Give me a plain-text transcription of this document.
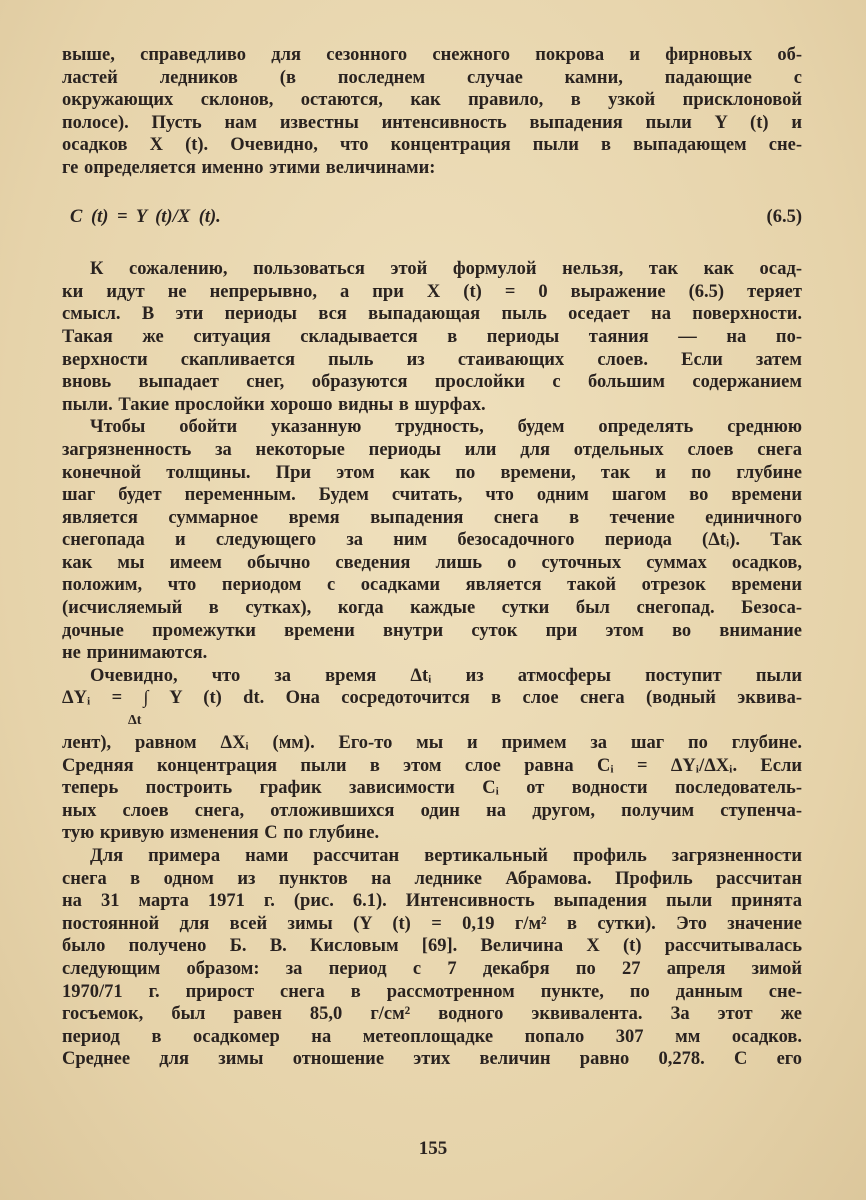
выше, справедливо для сезонного снежного покрова и фирновых об-
ластей ледников (в последнем случае камни, падающие с
окружающих склонов, остаются, как правило, в узкой присклоновой
полосе). Пусть нам известны интенсивность выпадения пыли Y (t) и
осадков X (t). Очевидно, что концентрация пыли в выпадающем сне-
ге определяется именно этими величинами:
C (t) = Y (t)/X (t).	(6.5)
К сожалению, пользоваться этой формулой нельзя, так как осад-
ки идут не непрерывно, а при X (t) = 0 выражение (6.5) теряет
смысл. В эти периоды вся выпадающая пыль оседает на поверхности.
Такая же ситуация складывается в периоды таяния — на по-
верхности скапливается пыль из стаивающих слоев. Если затем
вновь выпадает снег, образуются прослойки с большим содержанием
пыли. Такие прослойки хорошо видны в шурфах.
Чтобы обойти указанную трудность, будем определять среднюю
загрязненность за некоторые периоды или для отдельных слоев снега
конечной толщины. При этом как по времени, так и по глубине
шаг будет переменным. Будем считать, что одним шагом во времени
является суммарное время выпадения снега в течение единичного
снегопада и следующего за ним безосадочного периода (Δtᵢ). Так
как мы имеем обычно сведения лишь о суточных суммах осадков,
положим, что периодом с осадками является такой отрезок времени
(исчисляемый в сутках), когда каждые сутки был снегопад. Безоса-
дочные промежутки времени внутри суток при этом во внимание
не принимаются.
Очевидно, что за время Δtᵢ из атмосферы поступит пыли
ΔYᵢ = ∫ Y (t) dt. Она сосредоточится в слое снега (водный эквива-
Δt
лент), равном ΔXᵢ (мм). Его-то мы и примем за шаг по глубине.
Средняя концентрация пыли в этом слое равна Cᵢ = ΔYᵢ/ΔXᵢ. Если
теперь построить график зависимости Cᵢ от водности последователь-
ных слоев снега, отложившихся один на другом, получим ступенча-
тую кривую изменения C по глубине.
Для примера нами рассчитан вертикальный профиль загрязненности
снега в одном из пунктов на леднике Абрамова. Профиль рассчитан
на 31 марта 1971 г. (рис. 6.1). Интенсивность выпадения пыли принята
постоянной для всей зимы (Y (t) = 0,19 г/м² в сутки). Это значение
было получено Б. В. Кисловым [69]. Величина X (t) рассчитывалась
следующим образом: за период с 7 декабря по 27 апреля зимой
1970/71 г. прирост снега в рассмотренном пункте, по данным сне-
госъемок, был равен 85,0 г/см² водного эквивалента. За этот же
период в осадкомер на метеоплощадке попало 307 мм осадков.
Среднее для зимы отношение этих величин равно 0,278. С его
155
